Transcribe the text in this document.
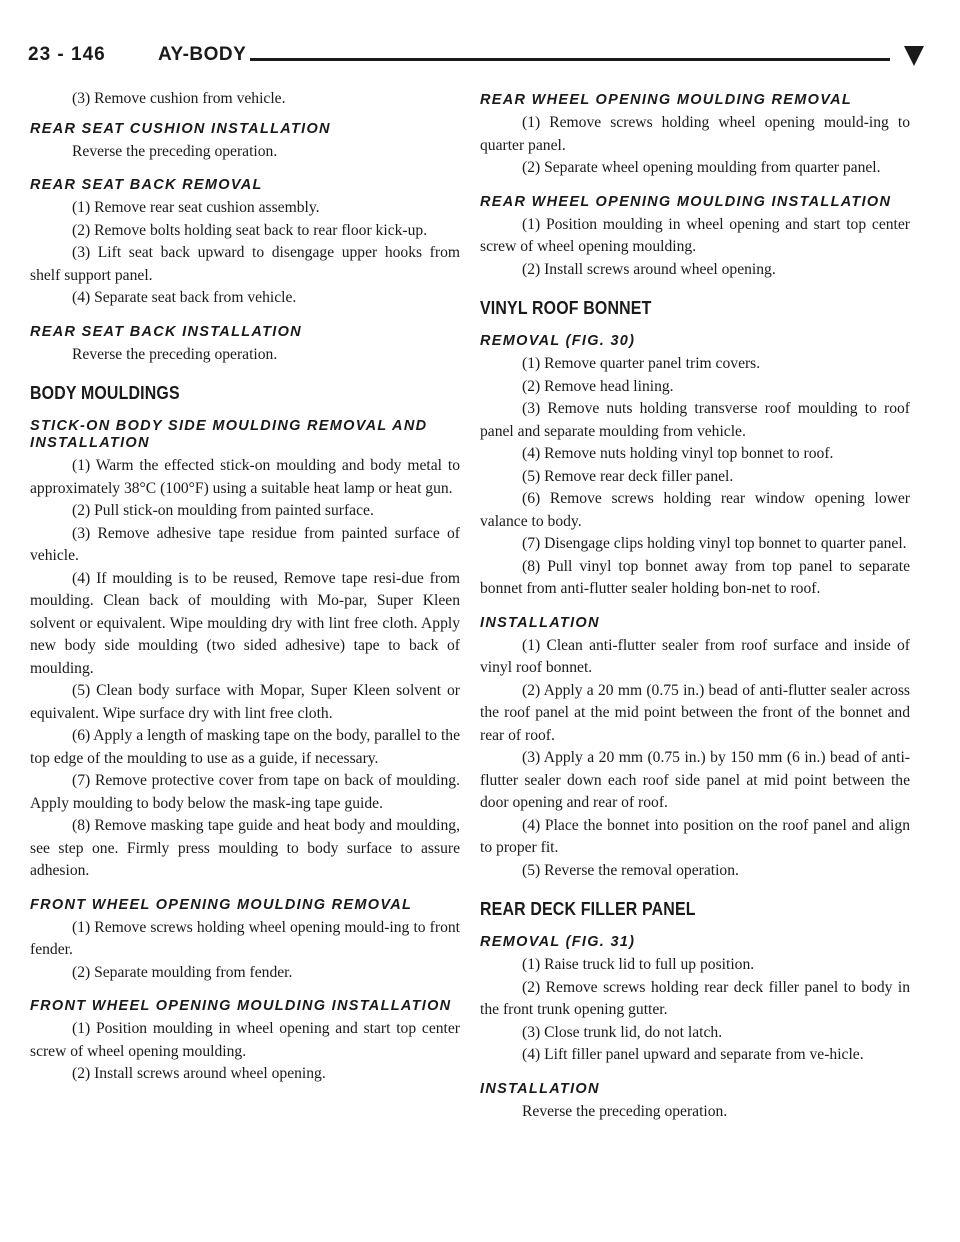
23 - 146	AY-BODY

(3) Remove cushion from vehicle.

REAR SEAT CUSHION INSTALLATION

Reverse the preceding operation.

REAR SEAT BACK REMOVAL

(1) Remove rear seat cushion assembly.

(2) Remove bolts holding seat back to rear floor kick-up.

(3) Lift seat back upward to disengage upper hooks from shelf support panel.

(4) Separate seat back from vehicle.

REAR SEAT BACK INSTALLATION

Reverse the preceding operation.

BODY MOULDINGS
STICK-ON BODY SIDE MOULDING REMOVAL AND INSTALLATION

(1) Warm the effected stick-on moulding and body metal to approximately 38°C (100°F) using a suitable heat lamp or heat gun.

(2) Pull stick-on moulding from painted surface.

(3) Remove adhesive tape residue from painted surface of vehicle.

(4) If moulding is to be reused, Remove tape resi-due from moulding. Clean back of moulding with Mo-par, Super Kleen solvent or equivalent. Wipe moulding dry with lint free cloth. Apply new body side moulding (two sided adhesive) tape to back of moulding.

(5) Clean body surface with Mopar, Super Kleen solvent or equivalent. Wipe surface dry with lint free cloth.

(6) Apply a length of masking tape on the body, parallel to the top edge of the moulding to use as a guide, if necessary.

(7) Remove protective cover from tape on back of moulding. Apply moulding to body below the mask-ing tape guide.

(8) Remove masking tape guide and heat body and moulding, see step one. Firmly press moulding to body surface to assure adhesion.

FRONT WHEEL OPENING MOULDING REMOVAL

(1) Remove screws holding wheel opening mould-ing to front fender.

(2) Separate moulding from fender.

FRONT WHEEL OPENING MOULDING INSTALLATION

(1) Position moulding in wheel opening and start top center screw of wheel opening moulding.

(2) Install screws around wheel opening.

REAR WHEEL OPENING MOULDING REMOVAL

(1) Remove screws holding wheel opening mould-ing to quarter panel.

(2) Separate wheel opening moulding from quarter panel.

REAR WHEEL OPENING MOULDING INSTALLATION

(1) Position moulding in wheel opening and start top center screw of wheel opening moulding.

(2) Install screws around wheel opening.

VINYL ROOF BONNET
REMOVAL (FIG. 30)

(1) Remove quarter panel trim covers.

(2) Remove head lining.

(3) Remove nuts holding transverse roof moulding to roof panel and separate moulding from vehicle.

(4) Remove nuts holding vinyl top bonnet to roof.

(5) Remove rear deck filler panel.

(6) Remove screws holding rear window opening lower valance to body.

(7) Disengage clips holding vinyl top bonnet to quarter panel.

(8) Pull vinyl top bonnet away from top panel to separate bonnet from anti-flutter sealer holding bon-net to roof.

INSTALLATION

(1) Clean anti-flutter sealer from roof surface and inside of vinyl roof bonnet.

(2) Apply a 20 mm (0.75 in.) bead of anti-flutter sealer across the roof panel at the mid point between the front of the bonnet and rear of roof.

(3) Apply a 20 mm (0.75 in.) by 150 mm (6 in.) bead of anti-flutter sealer down each roof side panel at mid point between the door opening and rear of roof.

(4) Place the bonnet into position on the roof panel and align to proper fit.

(5) Reverse the removal operation.

REAR DECK FILLER PANEL
REMOVAL (FIG. 31)

(1) Raise truck lid to full up position.

(2) Remove screws holding rear deck filler panel to body in the front trunk opening gutter.

(3) Close trunk lid, do not latch.

(4) Lift filler panel upward and separate from ve-hicle.

INSTALLATION

Reverse the preceding operation.
